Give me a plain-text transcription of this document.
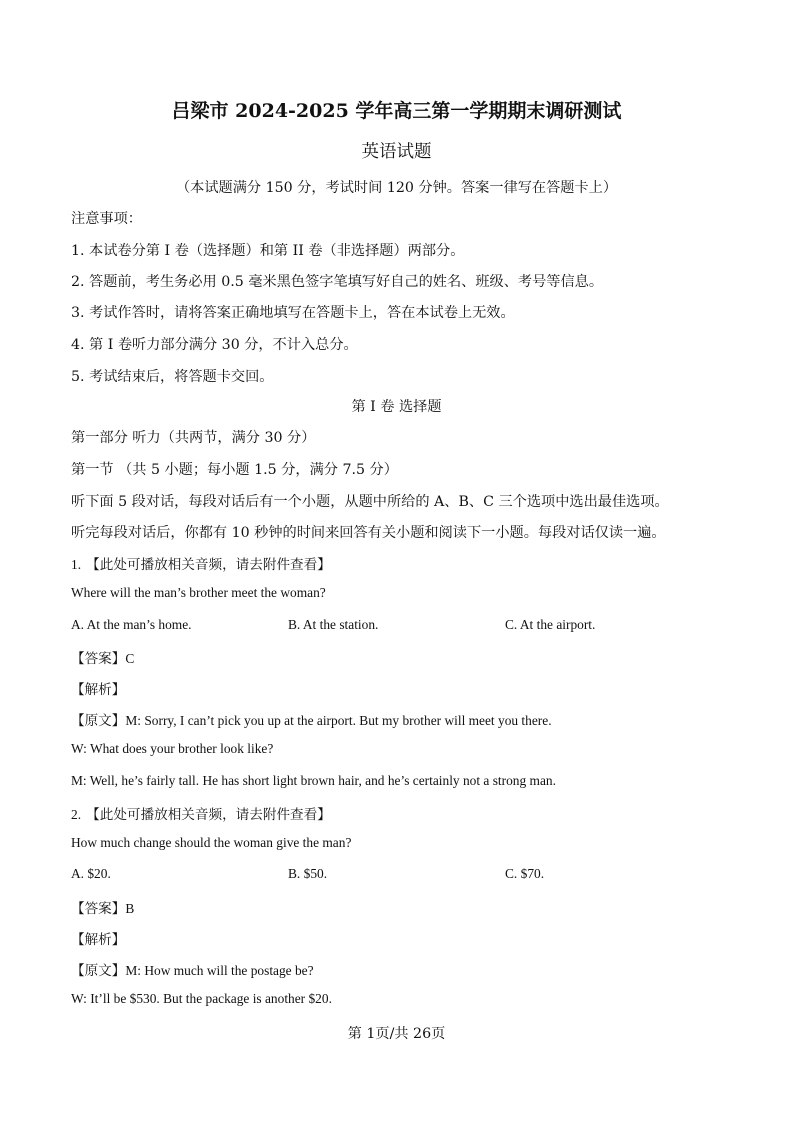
吕梁市 2024-2025 学年高三第一学期期末调研测试
英语试题
（本试题满分 150 分，考试时间 120 分钟。答案一律写在答题卡上）
注意事项：
1. 本试卷分第 I 卷（选择题）和第 II 卷（非选择题）两部分。
2. 答题前，考生务必用 0.5 毫米黑色签字笔填写好自己的姓名、班级、考号等信息。
3. 考试作答时，请将答案正确地填写在答题卡上，答在本试卷上无效。
4. 第 I 卷听力部分满分 30 分，不计入总分。
5. 考试结束后，将答题卡交回。
第 I 卷 选择题
第一部分 听力（共两节，满分 30 分）
第一节 （共 5 小题；每小题 1.5 分，满分 7.5 分）
听下面 5 段对话，每段对话后有一个小题，从题中所给的 A、B、C 三个选项中选出最佳选项。
听完每段对话后，你都有 10 秒钟的时间来回答有关小题和阅读下一小题。每段对话仅读一遍。
1. 【此处可播放相关音频，请去附件查看】
Where will the man’s brother meet the woman?
A. At the man’s home.	B. At the station.	C. At the airport.
【答案】C
【解析】
【原文】M: Sorry, I can’t pick you up at the airport. But my brother will meet you there.
W: What does your brother look like?
M: Well, he’s fairly tall. He has short light brown hair, and he’s certainly not a strong man.
2. 【此处可播放相关音频，请去附件查看】
How much change should the woman give the man?
A. $20.	B. $50.	C. $70.
【答案】B
【解析】
【原文】M: How much will the postage be?
W: It’ll be $530. But the package is another $20.
第 1页/共 26页
